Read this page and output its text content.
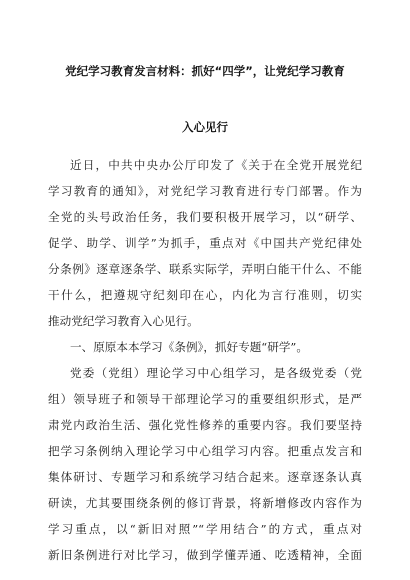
党纪学习教育发言材料：抓好“四学”，让党纪学习教育
入心见行
近日，中共中央办公厅印发了《关于在全党开展党纪
学习教育的通知》，对党纪学习教育进行专门部署。作为
全党的头号政治任务，我们要积极开展学习，以“研学、
促学、助学、训学”为抓手，重点对《中国共产党纪律处
分条例》逐章逐条学、联系实际学，弄明白能干什么、不能
干什么，把遵规守纪刻印在心，内化为言行准则，切实
推动党纪学习教育入心见行。
一、原原本本学习《条例》，抓好专题“研学”。
党委（党组）理论学习中心组学习，是各级党委（党
组）领导班子和领导干部理论学习的重要组织形式，是严
肃党内政治生活、强化党性修养的重要内容。我们要坚持
把学习条例纳入理论学习中心组学习内容。把重点发言和
集体研讨、专题学习和系统学习结合起来。逐章逐条认真
研读，尤其要围绕条例的修订背景，将新增修改内容作为
学习重点，以“新旧对照”“学用结合”的方式，重点对
新旧条例进行对比学习，做到学懂弄通、吃透精神，全面
